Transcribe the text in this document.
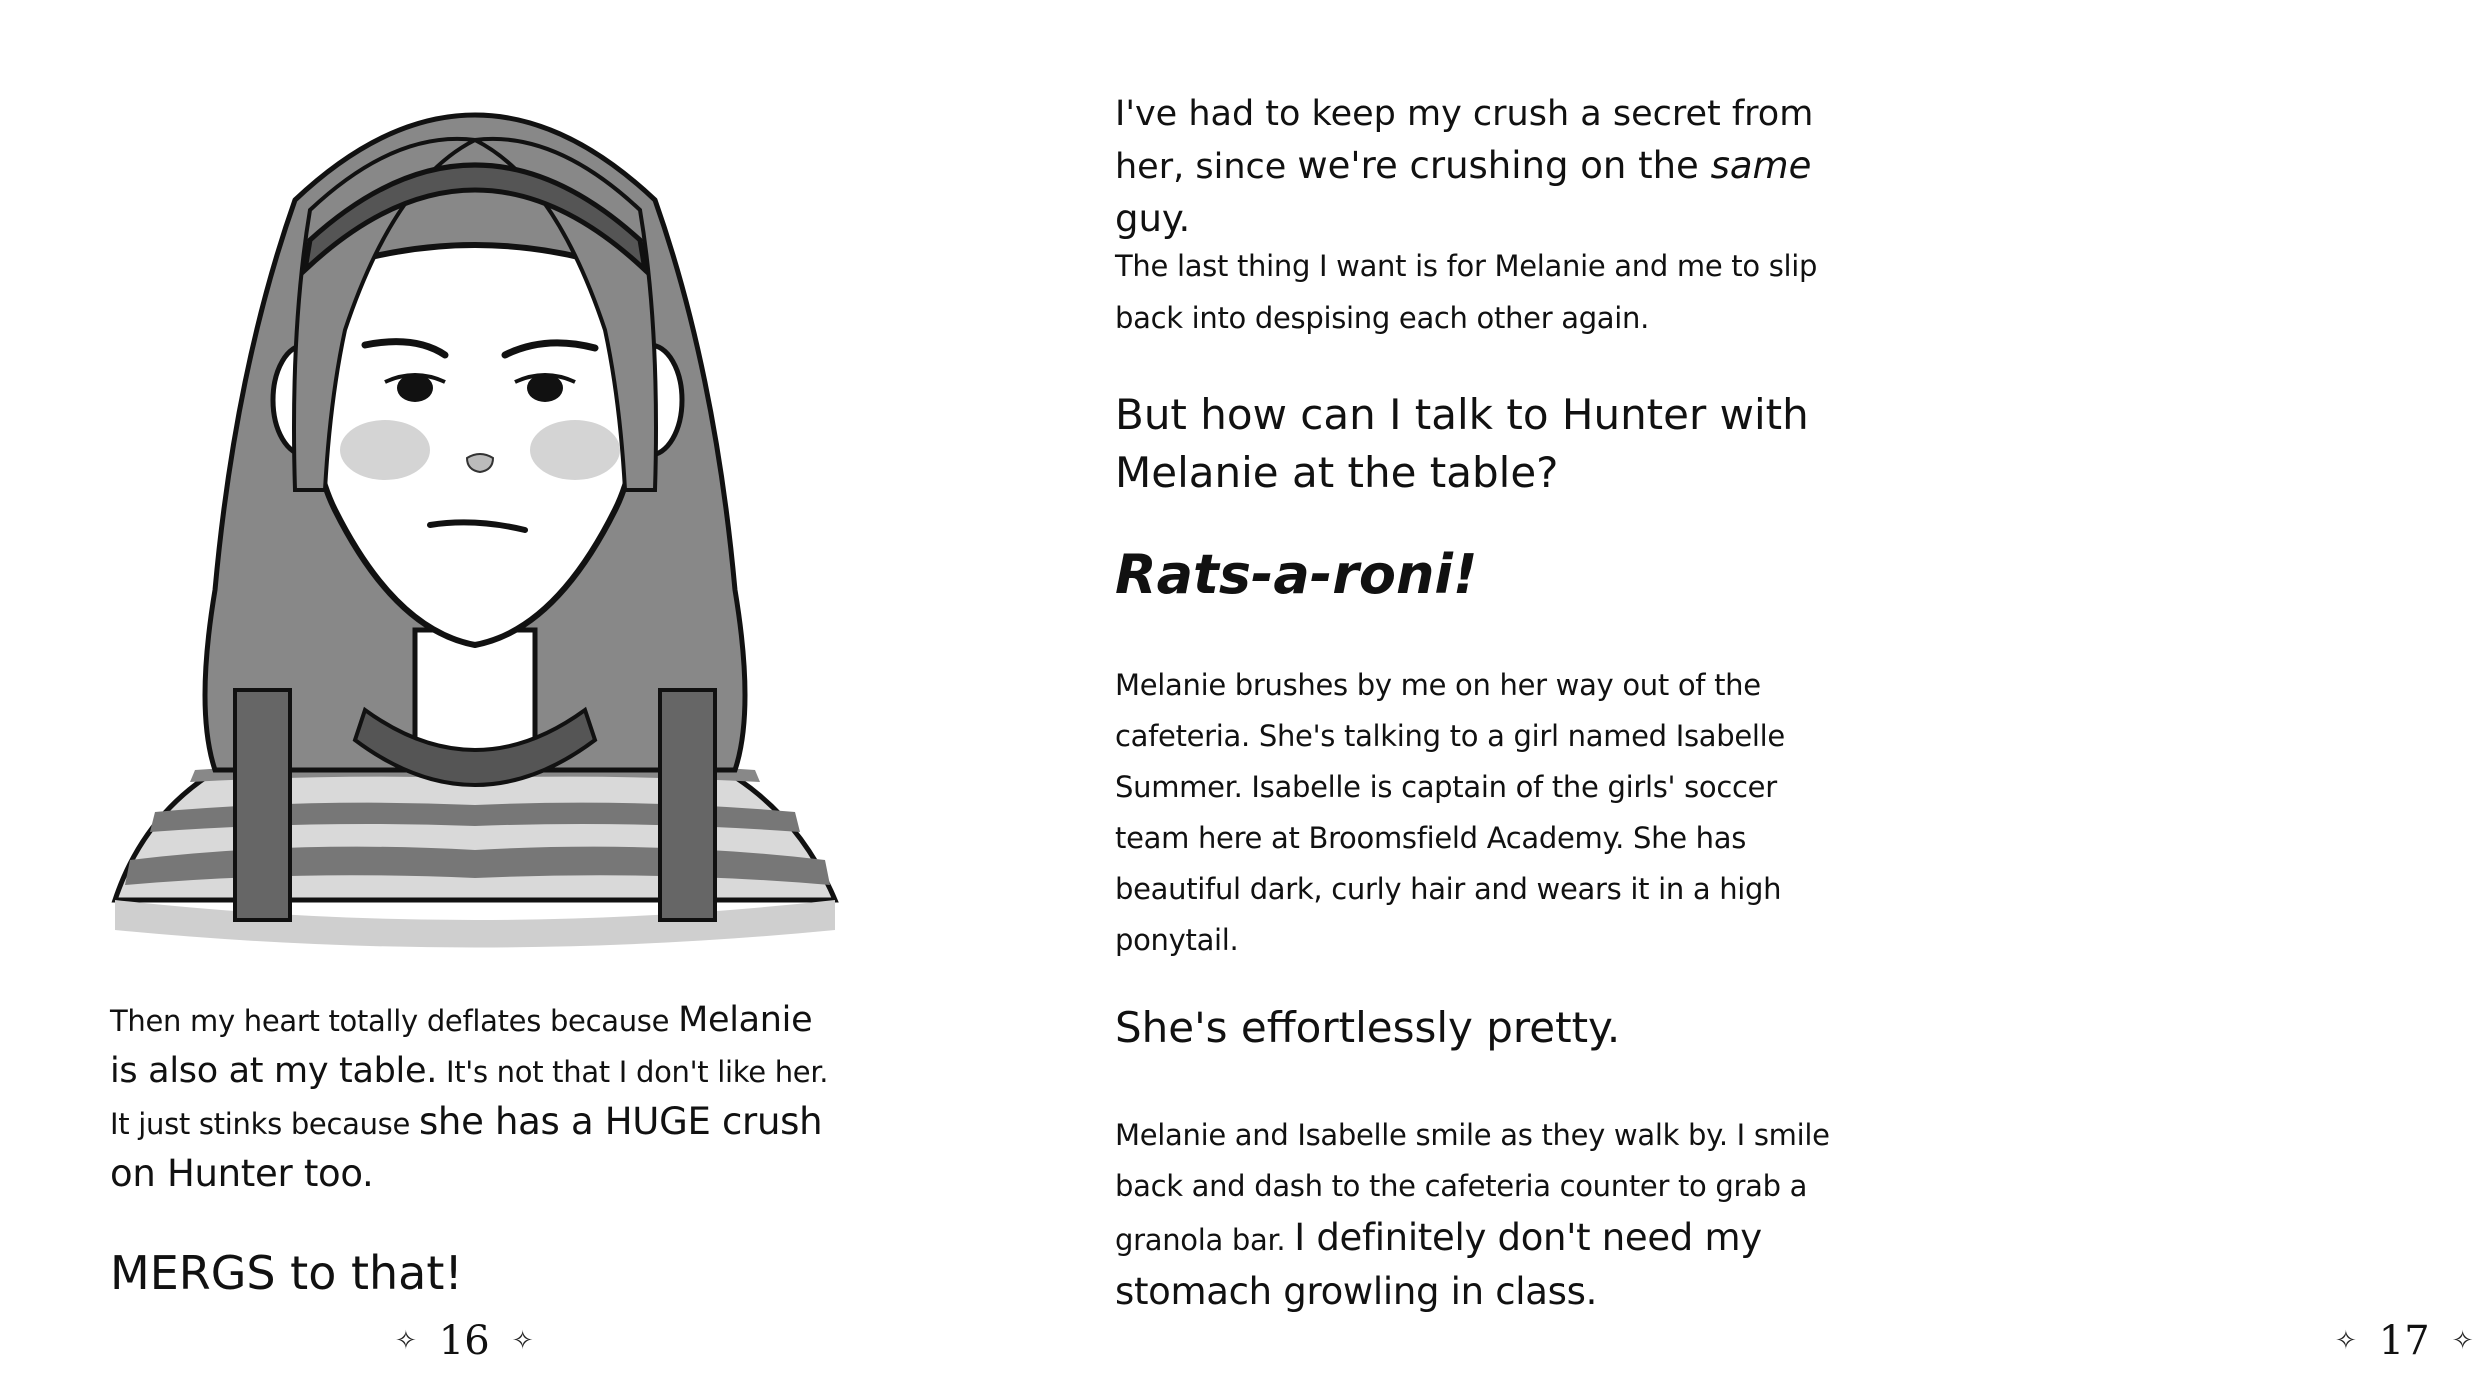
Then my heart totally deflates because Melanie is also at my table. It's not that I don't like her. It just stinks because she has a HUGE crush on Hunter too.

MERGS to that!

✧ 16 ✧

I've had to keep my crush a secret from her, since we're crushing on the same guy.

The last thing I want is for Melanie and me to slip back into despising each other again.

But how can I talk to Hunter with Melanie at the table?

Rats-a-roni!

Melanie brushes by me on her way out of the cafeteria. She's talking to a girl named Isabelle Summer. Isabelle is captain of the girls' soccer team here at Broomsfield Academy. She has beautiful dark, curly hair and wears it in a high ponytail.

She's effortlessly pretty.

Melanie and Isabelle smile as they walk by. I smile back and dash to the cafeteria counter to grab a granola bar. I definitely don't need my stomach growling in class.

✧ 17 ✧
